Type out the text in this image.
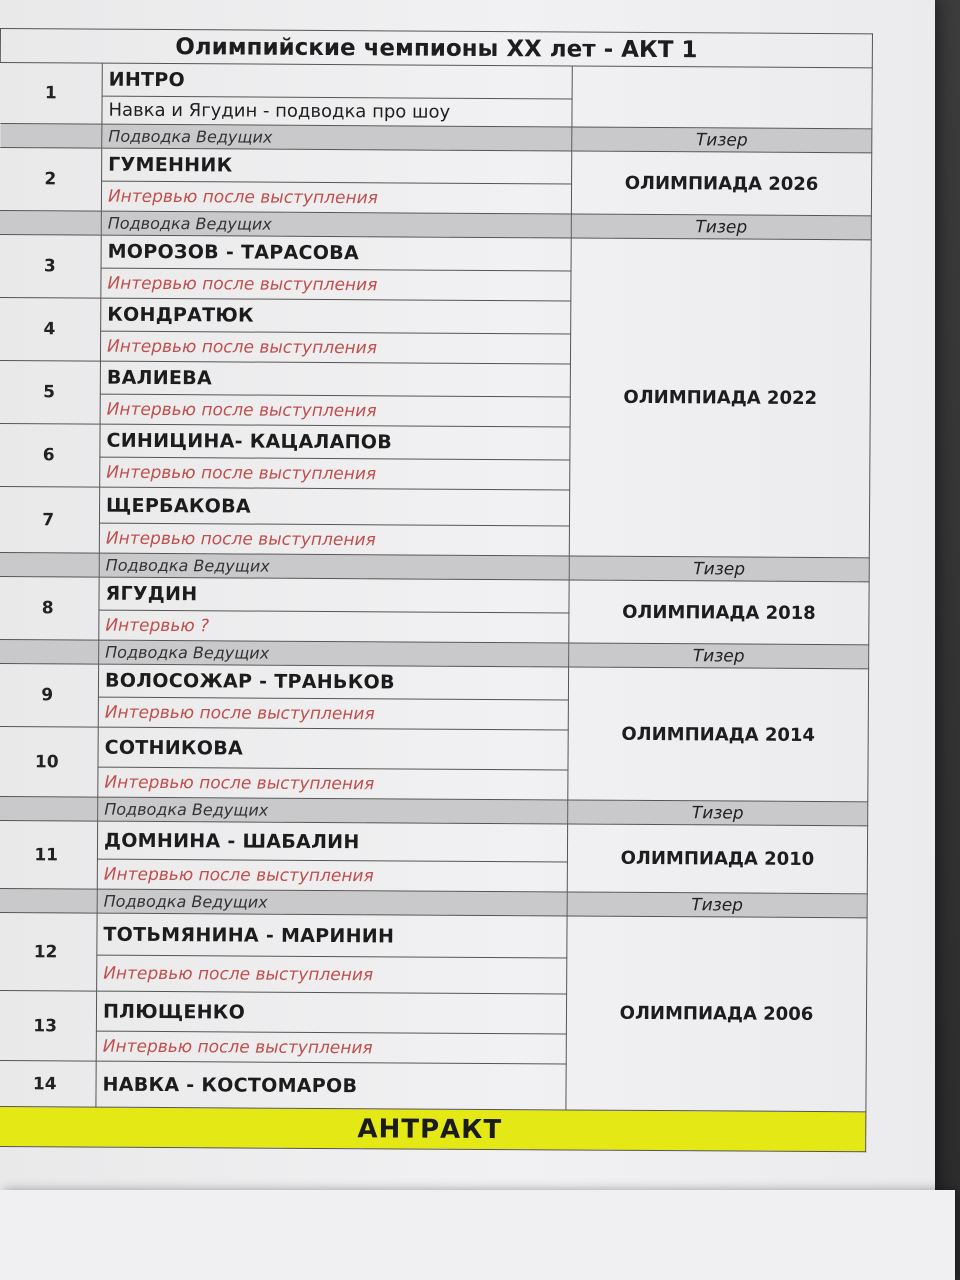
Олимпийские чемпионы XX лет - АКТ 1		
1	ИНТРО	
	Навка и Ягудин - подводка про шоу	
	Подводка Ведущих	Тизер
2	ГУМЕННИК	ОЛИМПИАДА 2026
	Интервью после выступления	
	Подводка Ведущих	Тизер
3	МОРОЗОВ - ТАРАСОВА	ОЛИМПИАДА 2022
	Интервью после выступления	
4	КОНДРАТЮК	
	Интервью после выступления	
5	ВАЛИЕВА	
	Интервью после выступления	
6	СИНИЦИНА- КАЦАЛАПОВ	
	Интервью после выступления	
7	ЩЕРБАКОВА	
	Интервью после выступления	
	Подводка Ведущих	Тизер
8	ЯГУДИН	ОЛИМПИАДА 2018
	Интервью ?	
	Подводка Ведущих	Тизер
9	ВОЛОСОЖАР - ТРАНЬКОВ	ОЛИМПИАДА 2014
	Интервью после выступления	
10	СОТНИКОВА	
	Интервью после выступления	
	Подводка Ведущих	Тизер
11	ДОМНИНА - ШАБАЛИН	ОЛИМПИАДА 2010
	Интервью после выступления	
	Подводка Ведущих	Тизер
12	ТОТЬМЯНИНА - МАРИНИН	ОЛИМПИАДА 2006
	Интервью после выступления	
13	ПЛЮЩЕНКО	
	Интервью после выступления	
14	НАВКА - КОСТОМАРОВ	
АНТРАКТ		
